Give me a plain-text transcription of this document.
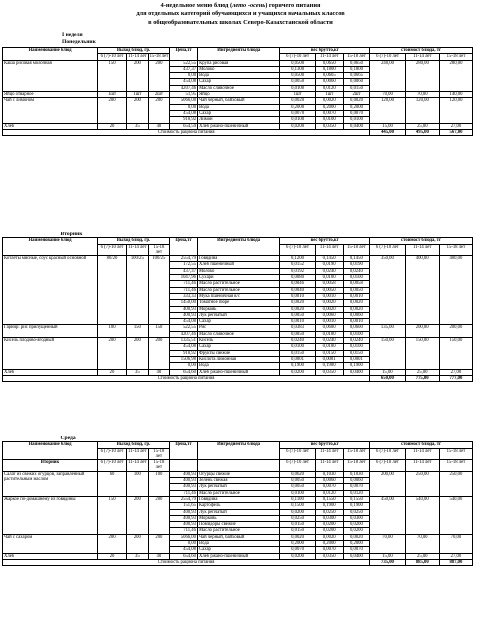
4-недельное меню блюд (лето -осень) горячего питания
для отдельных категорий обучающихся и учащихся начальных классов
в общеобразовательных школах Северо-Казахстанской области
I неделя
Понедельник
Наименование блюд	Выход блюд, гр.			Цена,тг	Ингредиенты блюда	вес брутто,кг			стоимост блюда, тг		
	6 (7)-10 лет	11-14 лет	15-18 лет			6 (7)-10 лет	11-14 лет	15-18 лет	6 (7)-10 лет	11-14 лет	15-18 лет
Каша рисовая молочная	150	200	200	522,55	Крупа рисовая	0,0500	0,0650	0,0650	240,00	280,00	280,00
				437,37	Молоко	0,1300	0,1800	0,1800			
				0,00	Вода	0,0500	0,0665	0,0665			
				454,08	Сахар	0,0050	0,0060	0,0060			
				4207,46	Масло сливочное	0,0100	0,0120	0,0150			
Яйцо отварное	1шт	1шт	2шт	51,95	Яйцо	1шт	1шт	2шт	70,00	70,00	140,00
Чай с лимоном	200	200	200	5066,00	Чай черный, байховый	0,0020	0,0020	0,0020	120,00	120,00	120,00
				0,00	Вода	0,2000	0,2000	0,2000			
				454,08	Сахар	0,0070	0,0070	0,0070			
				918,92	Лимон	0,0100	0,0100	0,0100			
Хлеб	20	35	40	654,59	Хлеб ржано-пшеничный	0,0200	0,0350	0,0400	15,00	25,00	27,00
Стоимость рациона питания									445,00	495,00	567,00
Вторник											
Наименование блюд	Выход блюд, гр.			Цена,тг	Ингредиенты блюда	вес брутто,кг			стоимост блюда, тг		
	6 (7)-10 лет	11-14 лет	15-18 лет			6 (7)-10 лет	11-14 лет	15-18 лет	6 (7)-10 лет	11-14 лет	15-18 лет
Котлеты мясные, соус красный основной	80/20	100/25	100/25	2554,79	Говядина	0,1200	0,1450	0,1450	350,00	400,00	400,00
				172,55	Хлеб пшеничный	0,0152	0,0190	0,0190			
				437,37	Молоко	0,0192	0,0240	0,0240			
				1047,96	Сухари	0,0080	0,0100	0,0100			
				711,46	Масло растительное	0,0046	0,0058	0,0058			
				711,46	Масло растительное	0,0040	0,0050	0,0050			
				333,33	Мука пшеничная в/с	0,0010	0,0010	0,0010			
				1450,00	Томатное пюре	0,0020	0,0020	0,0020			
				400,93	Морковь	0,0020	0,0020	0,0020			
				400,93	Лук репчатый	0,0050	0,0060	0,0060			
				454,08	Сахар	0,0010	0,0010	0,0010			
Гарнир: рис припущенный	100	150	150	522,55	Рис	0,0383	0,0600	0,0600	135,00	200,00	200,00
				4207,46	Масло сливочное	0,0050	0,0100	0,0100			
Кисель плодово-ягодный	200	200	200	1335,51	Кисель	0,0240	0,0240	0,0240	150,00	150,00	150,00
				454,08	Сахар	0,0100	0,0100	0,0100			
				918,92	Фрукты свежие	0,0150	0,0150	0,0150			
				1506,98	Кислота лимонная	0,0001	0,0001	0,0001			
				0,00	Вода	0,1900	0,1900	0,1900			
Хлеб	20	35	40	654,60	Хлеб ржано-пшеничный	0,0200	0,0350	0,0400	15,00	25,00	27,00
Стоимость рациона питания									650,00	775,00	777,00
Среда											
Наименование блюд	Выход блюд, гр.			Цена,тг	Ингредиенты блюда	вес брутто,кг			стоимост блюда, тг		
	6 (7)-10 лет	11-14 лет	15-18 лет			6 (7)-10 лет	11-14 лет	15-18 лет	6 (7)-10 лет	11-14 лет	15-18 лет
Вторник	6 (7)-10 лет	11-14 лет	15-18 лет			6 (7)-10 лет	11-14 лет	15-18 лет	6 (7)-10 лет	11-14 лет	15-18 лет
Салат из свежих огурцов, заправленный растительным маслом	60	100	100	400,93	Огурцы свежие	0,0620	0,1030	0,1030	200,00	250,00	250,00
				400,93	Зелень свежая	0,0050	0,0060	0,0060			
				400,93	Лук репчатый	0,0050	0,0070	0,0070			
				711,46	Масло растительное	0,0100	0,0120	0,0120			
Жаркое по-домашнему из говядины	150	200	200	2554,79	Говядина	0,1100	0,1550	0,1550	450,00	540,00	540,00
				151,65	Картофель	0,1500	0,1900	0,1900			
				400,93	Лук репчатый	0,0200	0,0250	0,0250			
				400,93	Морковь	0,0250	0,0300	0,0300			
				400,93	Помидоры свежие	0,0150	0,0200	0,0200			
				711,46	Масло растительное	0,0150	0,0200	0,0200			
Чай с сахаром	200	200	200	5066,00	Чай черный, байховый	0,0020	0,0020	0,0020	70,00	70,00	70,00
				0,00	Вода	0,2000	0,2000	0,2000			
				454,08	Сахар	0,0070	0,0070	0,0070			
Хлеб	20	35	40	654,60	Хлеб ржано-пшеничный	0,0200	0,0350	0,0400	15,00	25,00	27,00
Стоимость рациона питания									735,00	885,00	887,00
